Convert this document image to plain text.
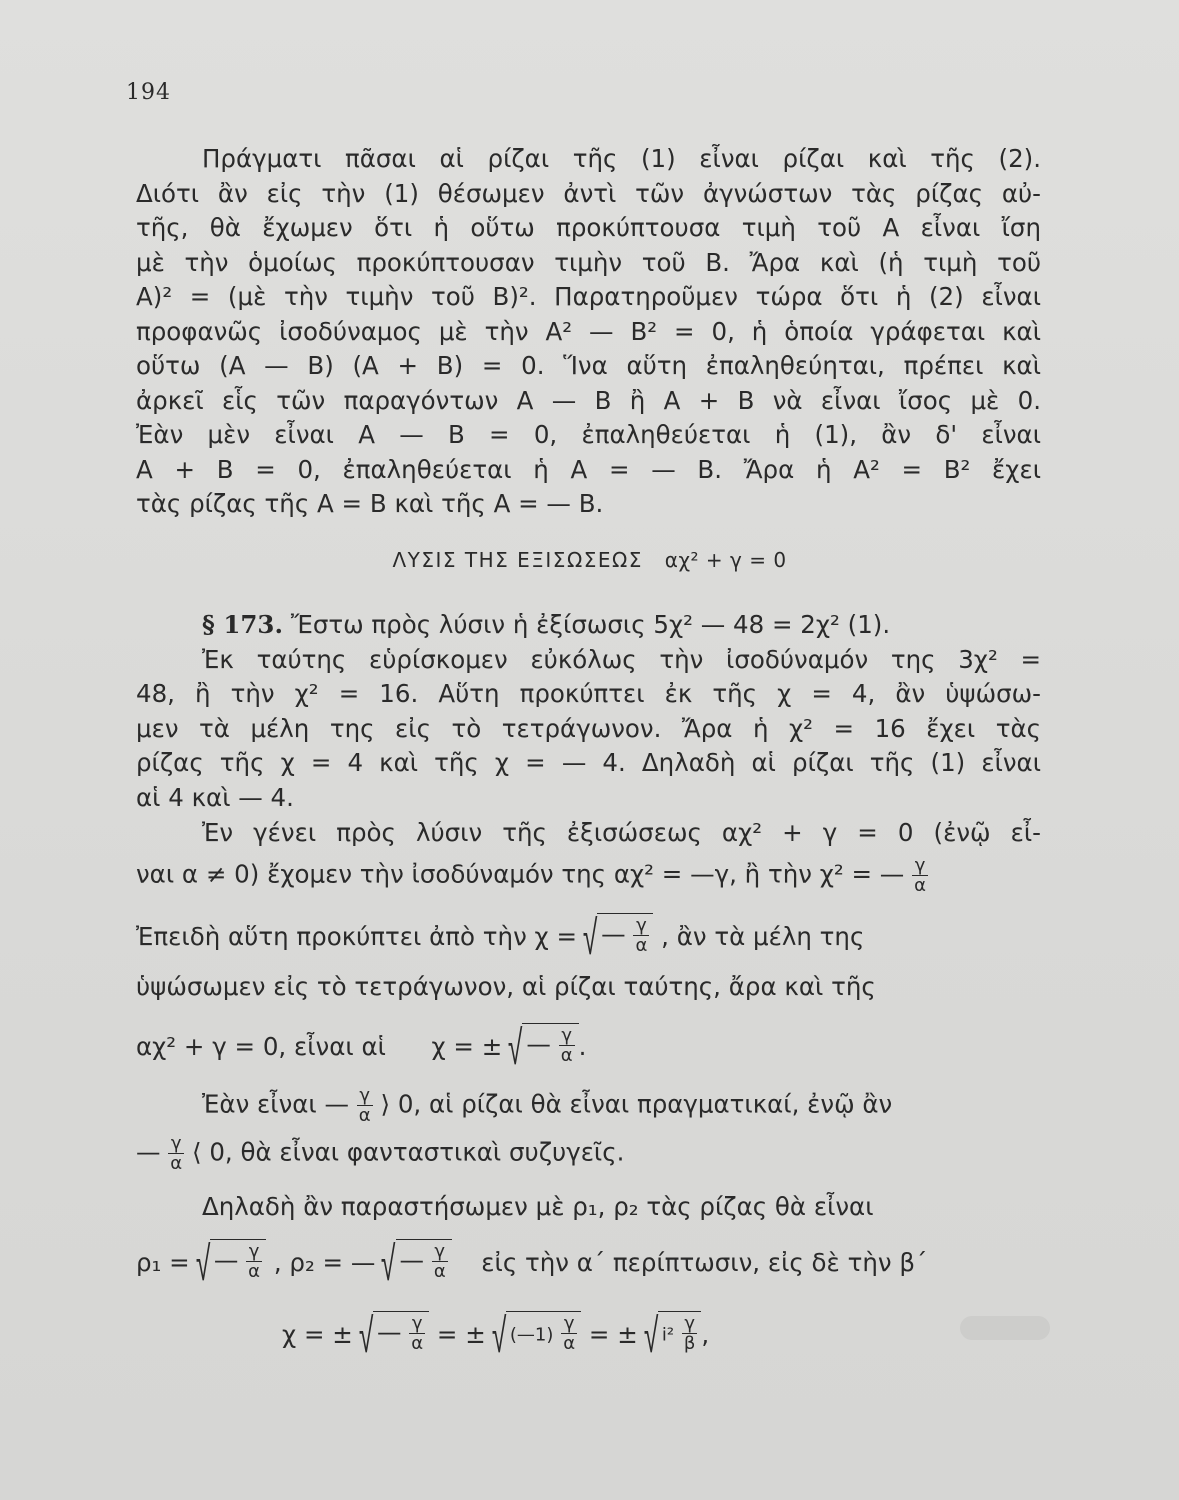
194
Πράγματι πᾶσαι αἱ ρίζαι τῆς (1) εἶναι ρίζαι καὶ τῆς (2).
Διότι ἂν εἰς τὴν (1) θέσωμεν ἀντὶ τῶν ἀγνώστων τὰς ρίζας αὐ-
τῆς, θὰ ἔχωμεν ὅτι ἡ οὕτω προκύπτουσα τιμὴ τοῦ Α εἶναι ἴση
μὲ τὴν ὁμοίως προκύπτουσαν τιμὴν τοῦ Β. Ἄρα καὶ (ἡ τιμὴ τοῦ
Α)² = (μὲ τὴν τιμὴν τοῦ Β)². Παρατηροῦμεν τώρα ὅτι ἡ (2) εἶναι
προφανῶς ἰσοδύναμος μὲ τὴν Α² — Β² = 0, ἡ ὁποία γράφεται καὶ
οὕτω (Α — Β) (Α + Β) = 0. Ἵνα αὕτη ἐπαληθεύηται, πρέπει καὶ
ἀρκεῖ εἷς τῶν παραγόντων Α — Β ἢ Α + Β νὰ εἶναι ἴσος μὲ 0.
Ἐὰν μὲν εἶναι Α — Β = 0, ἐπαληθεύεται ἡ (1), ἂν δ' εἶναι
Α + Β = 0, ἐπαληθεύεται ἡ Α = — Β. Ἄρα ἡ Α² = Β² ἔχει
τὰς ρίζας τῆς Α = Β καὶ τῆς Α = — Β.
ΛΥΣΙΣ ΤΗΣ ΕΞΙΣΩΣΕΩΣ αχ² + γ = 0
§ 173. Ἔστω πρὸς λύσιν ἡ ἐξίσωσις 5χ² — 48 = 2χ² (1).
Ἐκ ταύτης εὑρίσκομεν εὐκόλως τὴν ἰσοδύναμόν της 3χ² =
48, ἢ τὴν χ² = 16. Αὕτη προκύπτει ἐκ τῆς χ = 4, ἂν ὑψώσω-
μεν τὰ μέλη της εἰς τὸ τετράγωνον. Ἄρα ἡ χ² = 16 ἔχει τὰς
ρίζας τῆς χ = 4 καὶ τῆς χ = — 4. Δηλαδὴ αἱ ρίζαι τῆς (1) εἶναι
αἱ 4 καὶ — 4.
Ἐν γένει πρὸς λύσιν τῆς ἐξισώσεως αχ² + γ = 0 (ἐνῷ εἶ-
ναι α ≠ 0) ἔχομεν τὴν ἰσοδύναμόν της αχ² = —γ, ἢ τὴν χ² = — $\frac{\gamma}{\alpha}$
Ἐπειδὴ αὕτη προκύπτει ἀπὸ τὴν χ = √ — $\frac{\gamma}{\alpha}$ , ἂν τὰ μέλη της
ὑψώσωμεν εἰς τὸ τετράγωνον, αἱ ρίζαι ταύτης, ἄρα καὶ τῆς
αχ² + γ = 0, εἶναι αἱ χ = ± √ — $\frac{\gamma}{\alpha}$ .
Ἐὰν εἶναι — $\frac{\gamma}{\alpha}$ ⟩ 0, αἱ ρίζαι θὰ εἶναι πραγματικαί, ἐνῷ ἂν
— $\frac{\gamma}{\alpha}$ ⟨ 0, θὰ εἶναι φανταστικαὶ συζυγεῖς.
Δηλαδὴ ἂν παραστήσωμεν μὲ ρ₁, ρ₂ τὰς ρίζας θὰ εἶναι
ρ₁ = √ — $\frac{\gamma}{\alpha}$ , ρ₂ = — √ — $\frac{\gamma}{\alpha}$ εἰς τὴν α΄ περίπτωσιν, εἰς δὲ τὴν β΄
χ = ± √ — $\frac{\gamma}{\alpha}$ = ± √ (—1) $\frac{\gamma}{\alpha}$ = ± √ $i^2 \frac{\gamma}{\beta}$ ,
